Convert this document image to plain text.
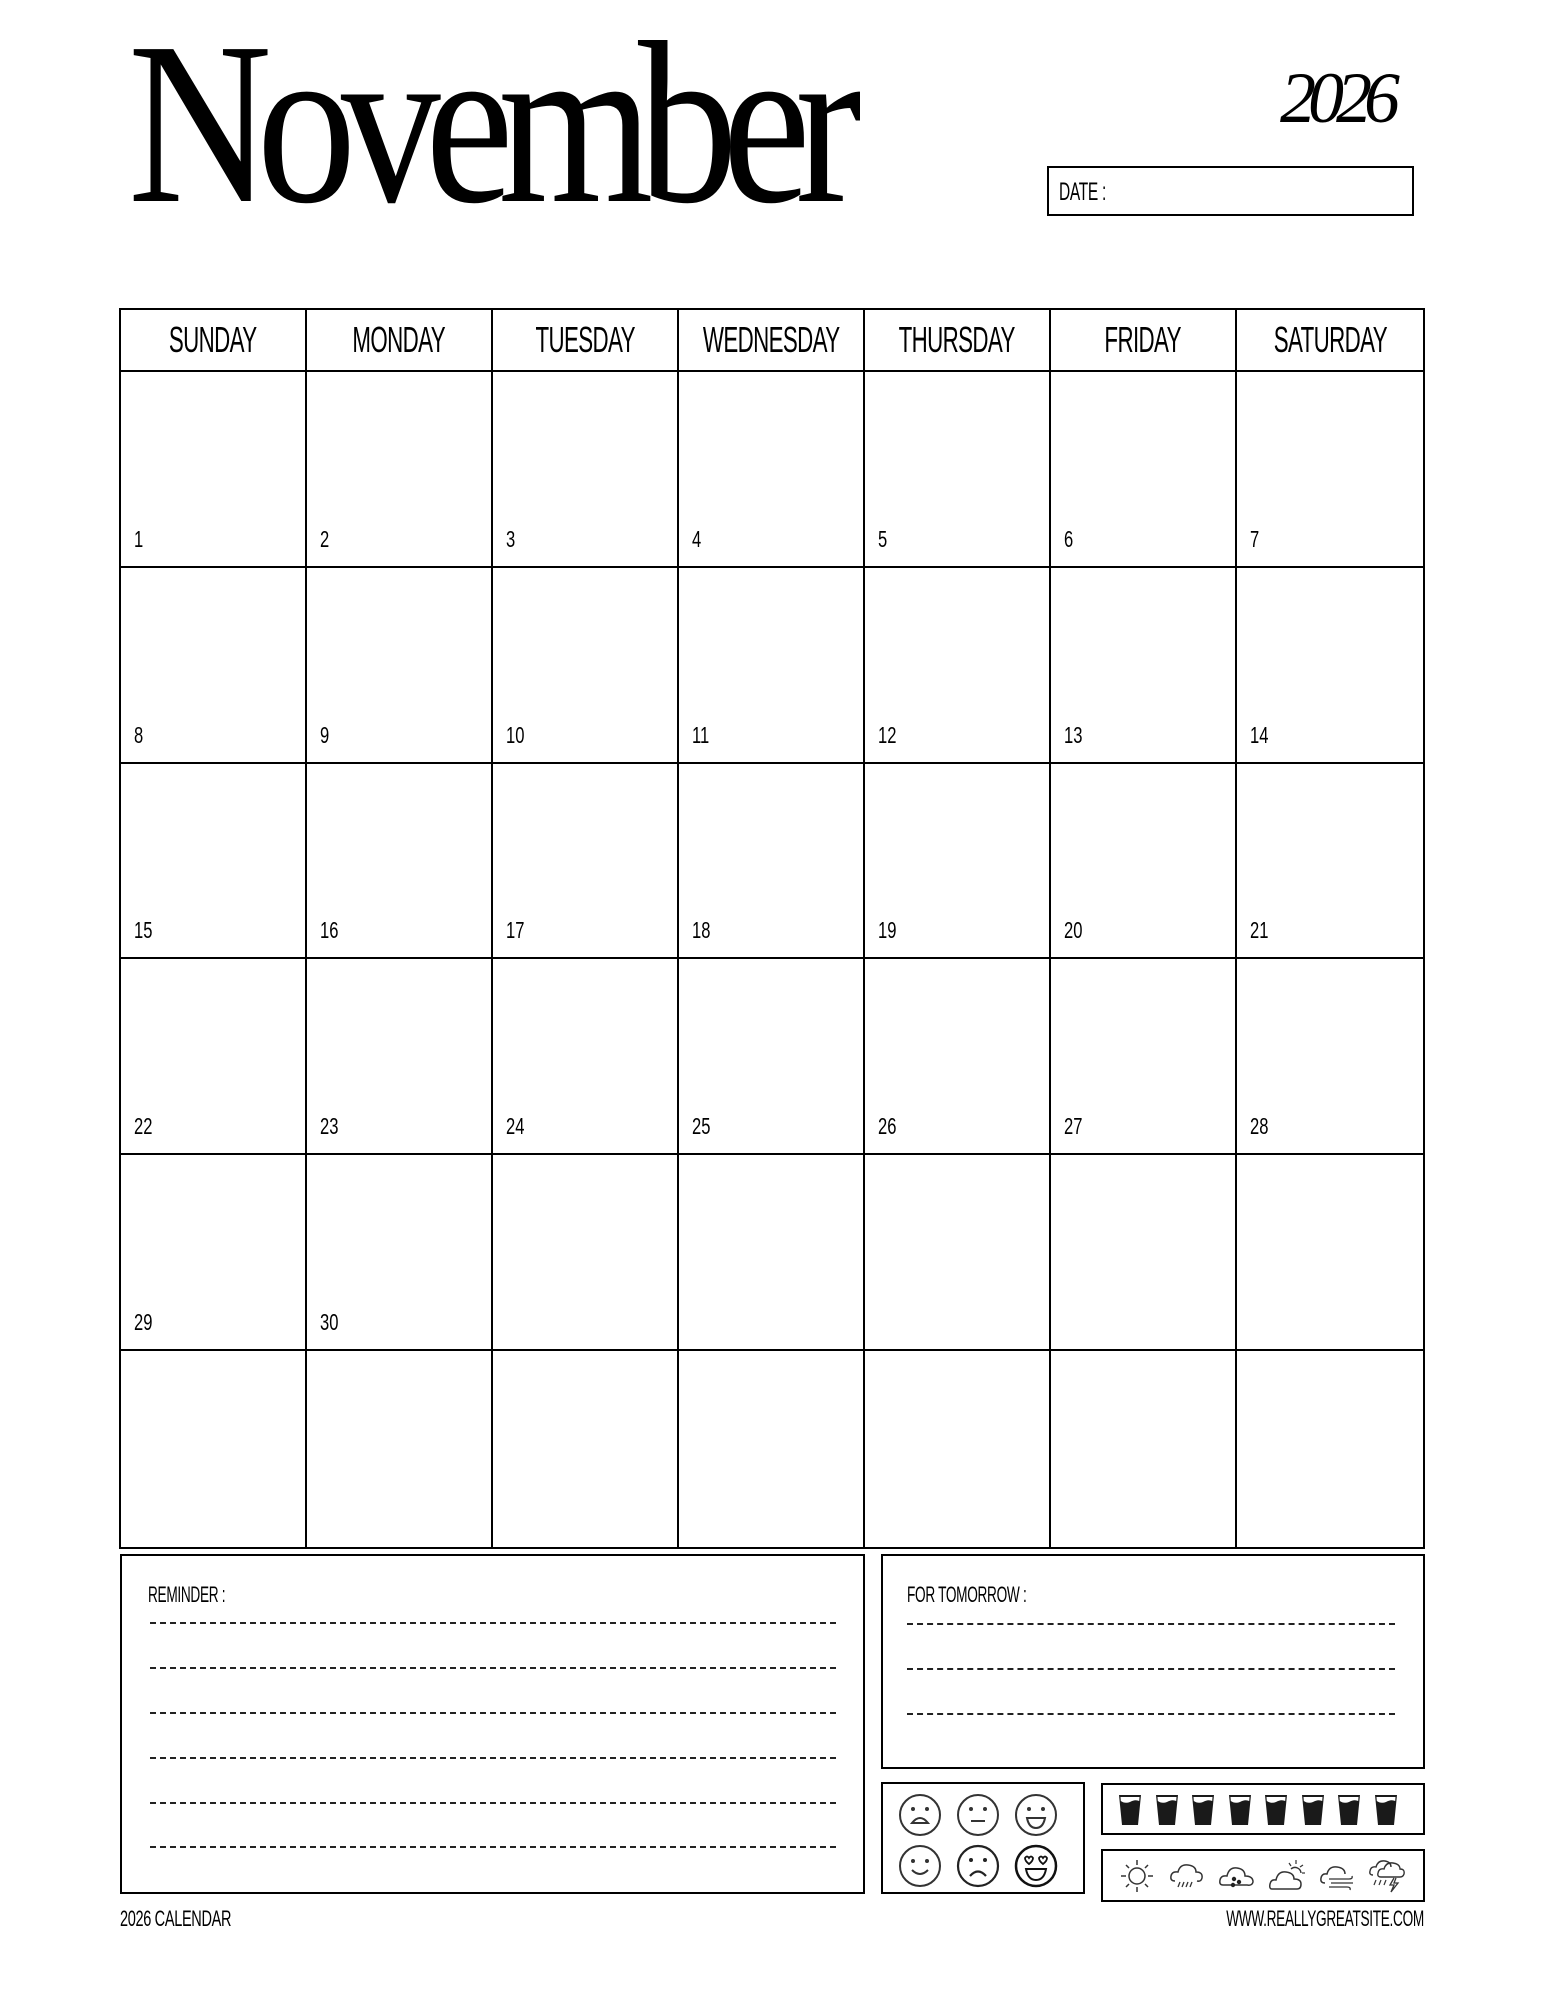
November	2026
DATE :
SUNDAY	MONDAY TUESDAY WEDNESDAY THURSDAY FRIDAY	SATURDAY
1	2	3	4	5	6	7
8	9	10	11	12	13	14
15	16	17	18	19	20	21
22	23	24	25	26	27	28
29	30
REMINDER :	FOR TOMORROW :
2026 CALENDAR	WWW.REALLYGREATSITE.COM
